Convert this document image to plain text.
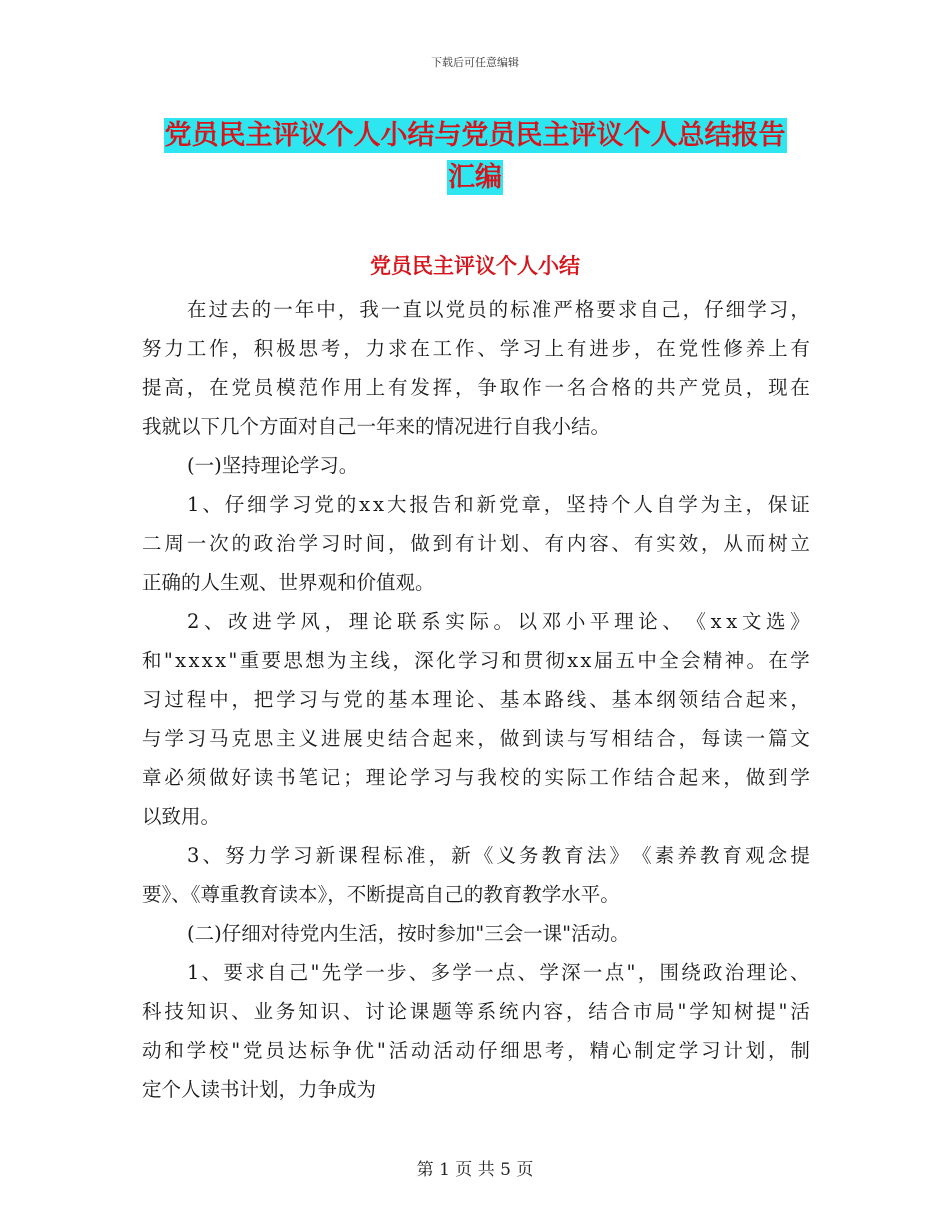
下载后可任意编辑
党员民主评议个人小结与党员民主评议个人总结报告
汇编
党员民主评议个人小结
在 过 去 的 一 年 中 ， 我 一 直 以 党 员 的 标 准 严 格 要 求 自 己 ， 仔 细 学 习 ，
努 力 工 作 ， 积 极 思 考 ， 力 求 在 工 作 、 学 习 上 有 进 步 ， 在 党 性 修 养 上 有
提 高 ， 在 党 员 模 范 作 用 上 有 发 挥 ， 争 取 作 一 名 合 格 的 共 产 党 员 ， 现 在
我就以下几个方面对自己一年来的情况进行自我小结。
(一)坚持理论学习。
1 、 仔 细 学 习 党 的 x x 大 报 告 和 新 党 章 ， 坚 持 个 人 自 学 为 主 ， 保 证
二 周 一 次 的 政 治 学 习 时 间 ， 做 到 有 计 划 、 有 内 容 、 有 实 效 ， 从 而 树 立
正确的人生观、世界观和价值观。
2 、 改 进 学 风 ， 理 论 联 系 实 际 。 以 邓 小 平 理 论 、 《 x x 文 选 》
和 " x x x x " 重 要 思 想 为 主 线 ， 深 化 学 习 和 贯 彻 x x 届 五 中 全 会 精 神 。 在 学
习 过 程 中 ， 把 学 习 与 党 的 基 本 理 论 、 基 本 路 线 、 基 本 纲 领 结 合 起 来 ，
与 学 习 马 克 思 主 义 进 展 史 结 合 起 来 ， 做 到 读 与 写 相 结 合 ， 每 读 一 篇 文
章 必 须 做 好 读 书 笔 记 ； 理 论 学 习 与 我 校 的 实 际 工 作 结 合 起 来 ， 做 到 学
以致用。
3 、 努 力 学 习 新 课 程 标 准 ， 新 《 义 务 教 育 法 》 《 素 养 教 育 观 念 提
要》、《尊重教育读本》，不断提高自己的教育教学水平。
(二)仔细对待党内生活，按时参加"三会一课"活动。
1 、 要 求 自 己 " 先 学 一 步 、 多 学 一 点 、 学 深 一 点 " ， 围 绕 政 治 理 论 、
科 技 知 识 、 业 务 知 识 、 讨 论 课 题 等 系 统 内 容 ， 结 合 市 局 " 学 知 树 提 " 活
动 和 学 校 " 党 员 达 标 争 优 " 活 动 活 动 仔 细 思 考 ， 精 心 制 定 学 习 计 划 ， 制
定个人读书计划，力争成为
第 1 页 共 5 页
